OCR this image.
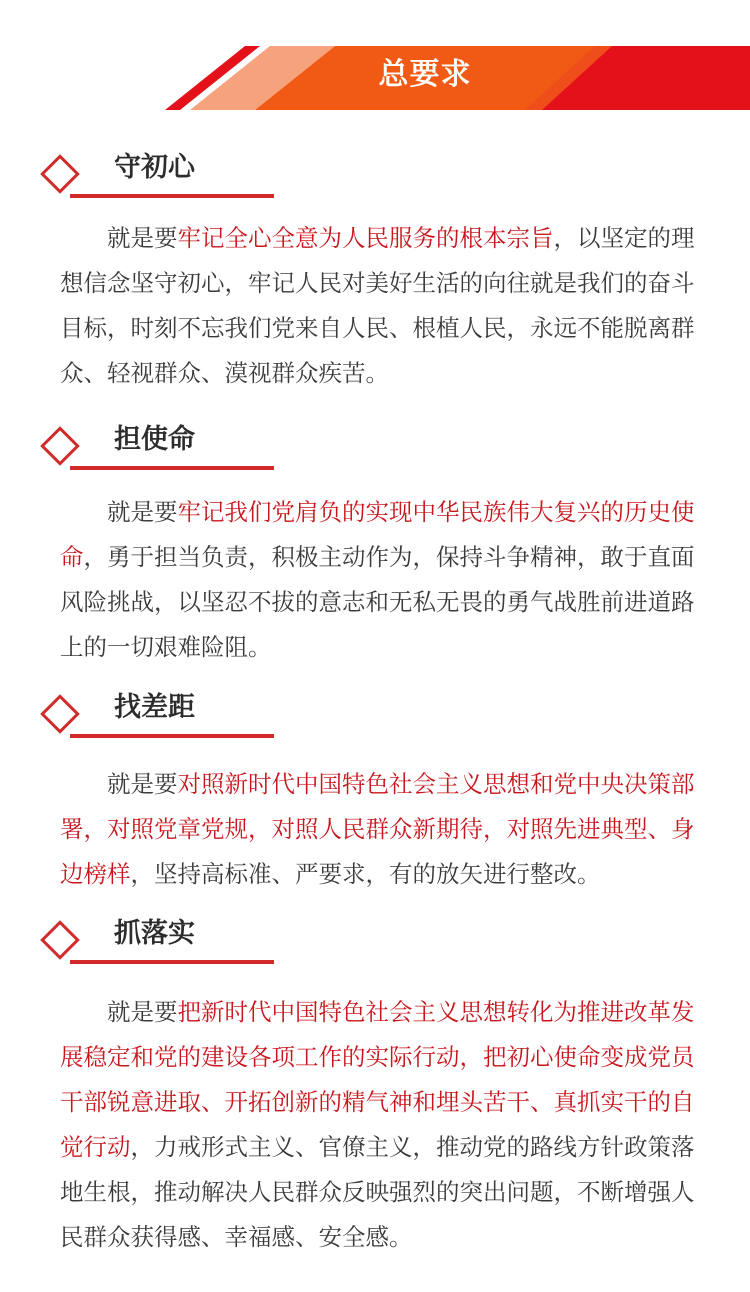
总要求
守初心

就是要牢记全心全意为人民服务的根本宗旨，以坚定的理想信念坚守初心，牢记人民对美好生活的向往就是我们的奋斗目标，时刻不忘我们党来自人民、根植人民，永远不能脱离群众、轻视群众、漠视群众疾苦。

担使命

就是要牢记我们党肩负的实现中华民族伟大复兴的历史使命，勇于担当负责，积极主动作为，保持斗争精神，敢于直面风险挑战，以坚忍不拔的意志和无私无畏的勇气战胜前进道路上的一切艰难险阻。

找差距

就是要对照新时代中国特色社会主义思想和党中央决策部署，对照党章党规，对照人民群众新期待，对照先进典型、身边榜样，坚持高标准、严要求，有的放矢进行整改。

抓落实

就是要把新时代中国特色社会主义思想转化为推进改革发展稳定和党的建设各项工作的实际行动，把初心使命变成党员干部锐意进取、开拓创新的精气神和埋头苦干、真抓实干的自觉行动，力戒形式主义、官僚主义，推动党的路线方针政策落地生根，推动解决人民群众反映强烈的突出问题，不断增强人民群众获得感、幸福感、安全感。
